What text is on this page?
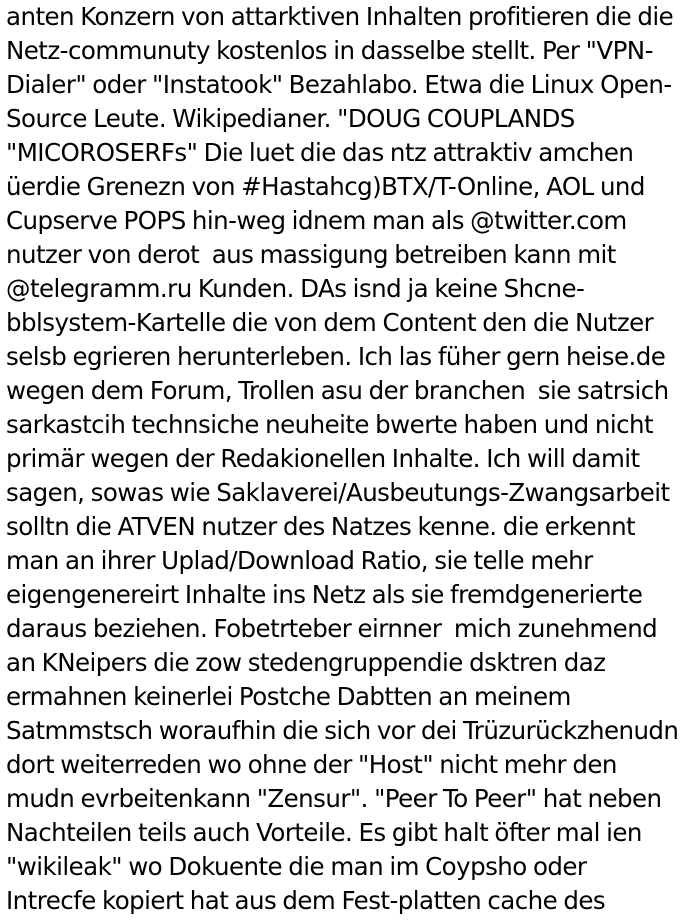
anten Konzern von attarktiven Inhalten profitieren die die
Netz-communuty kostenlos in dasselbe stellt. Per "VPN-
Dialer" oder "Instatook" Bezahlabo. Etwa die Linux Open-
Source Leute. Wikipedianer. "DOUG COUPLANDS
"MICOROSERFs" Die luet die das ntz attraktiv amchen
üerdie Grenezn von #Hastahcg)BTX/T-Online, AOL und
Cupserve POPS hin-weg idnem man als @twitter.com
nutzer von derot  aus massigung betreiben kann mit
@telegramm.ru Kunden. DAs isnd ja keine Shcne-
bblsystem-Kartelle die von dem Content den die Nutzer
selsb egrieren herunterleben. Ich las füher gern heise.de
wegen dem Forum, Trollen asu der branchen  sie satrsich
sarkastcih technsiche neuheite bwerte haben und nicht
primär wegen der Redakionellen Inhalte. Ich will damit
sagen, sowas wie Saklaverei/Ausbeutungs-Zwangsarbeit
solltn die ATVEN nutzer des Natzes kenne. die erkennt
man an ihrer Uplad/Download Ratio, sie telle mehr
eigengenereirt Inhalte ins Netz als sie fremdgenerierte
daraus beziehen. Fobetrteber eirnner  mich zunehmend
an KNeipers die zow stedengruppendie dsktren daz
ermahnen keinerlei Postche Dabtten an meinem
Satmmstsch woraufhin die sich vor dei Trüzurückzhenudn
dort weiterreden wo ohne der "Host" nicht mehr den
mudn evrbeitenkann "Zensur". "Peer To Peer" hat neben
Nachteilen teils auch Vorteile. Es gibt halt öfter mal ien
"wikileak" wo Dokuente die man im Coypsho oder
Intrecfe kopiert hat aus dem Fest-platten cache des
